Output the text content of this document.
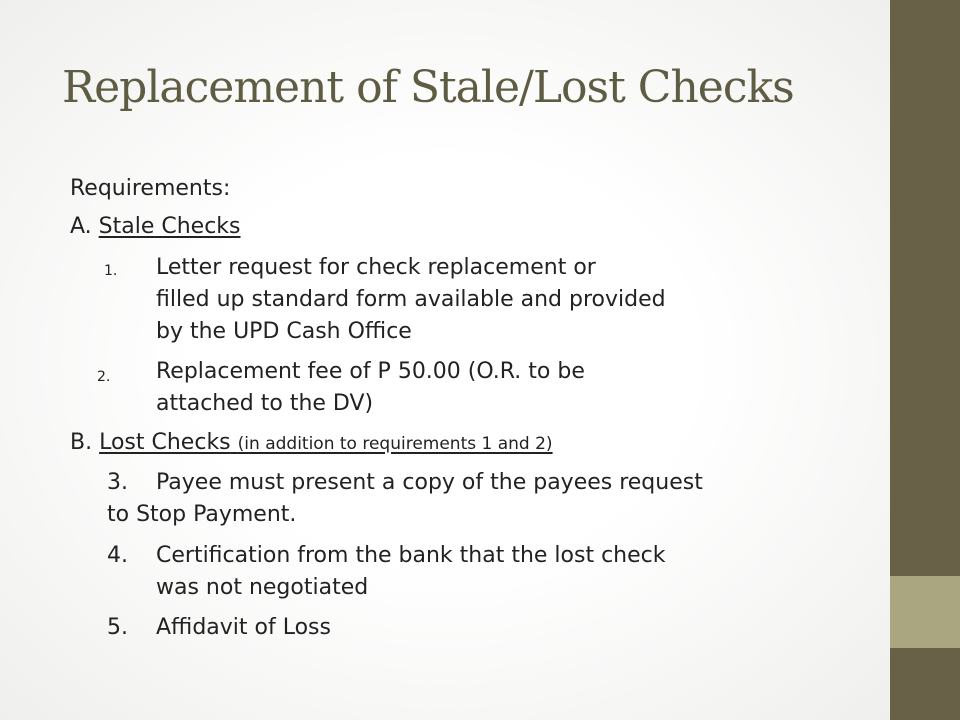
Replacement of Stale/Lost Checks
Requirements:
A. Stale Checks
1. Letter request for check replacement or
filled up standard form available and provided
by the UPD Cash Office
2. Replacement fee of P 50.00 (O.R. to be
attached to the DV)
B. Lost Checks (in addition to requirements 1 and 2)
3. Payee must present a copy of the payees request
to Stop Payment.
4. Certification from the bank that the lost check
was not negotiated
5. Affidavit of Loss
